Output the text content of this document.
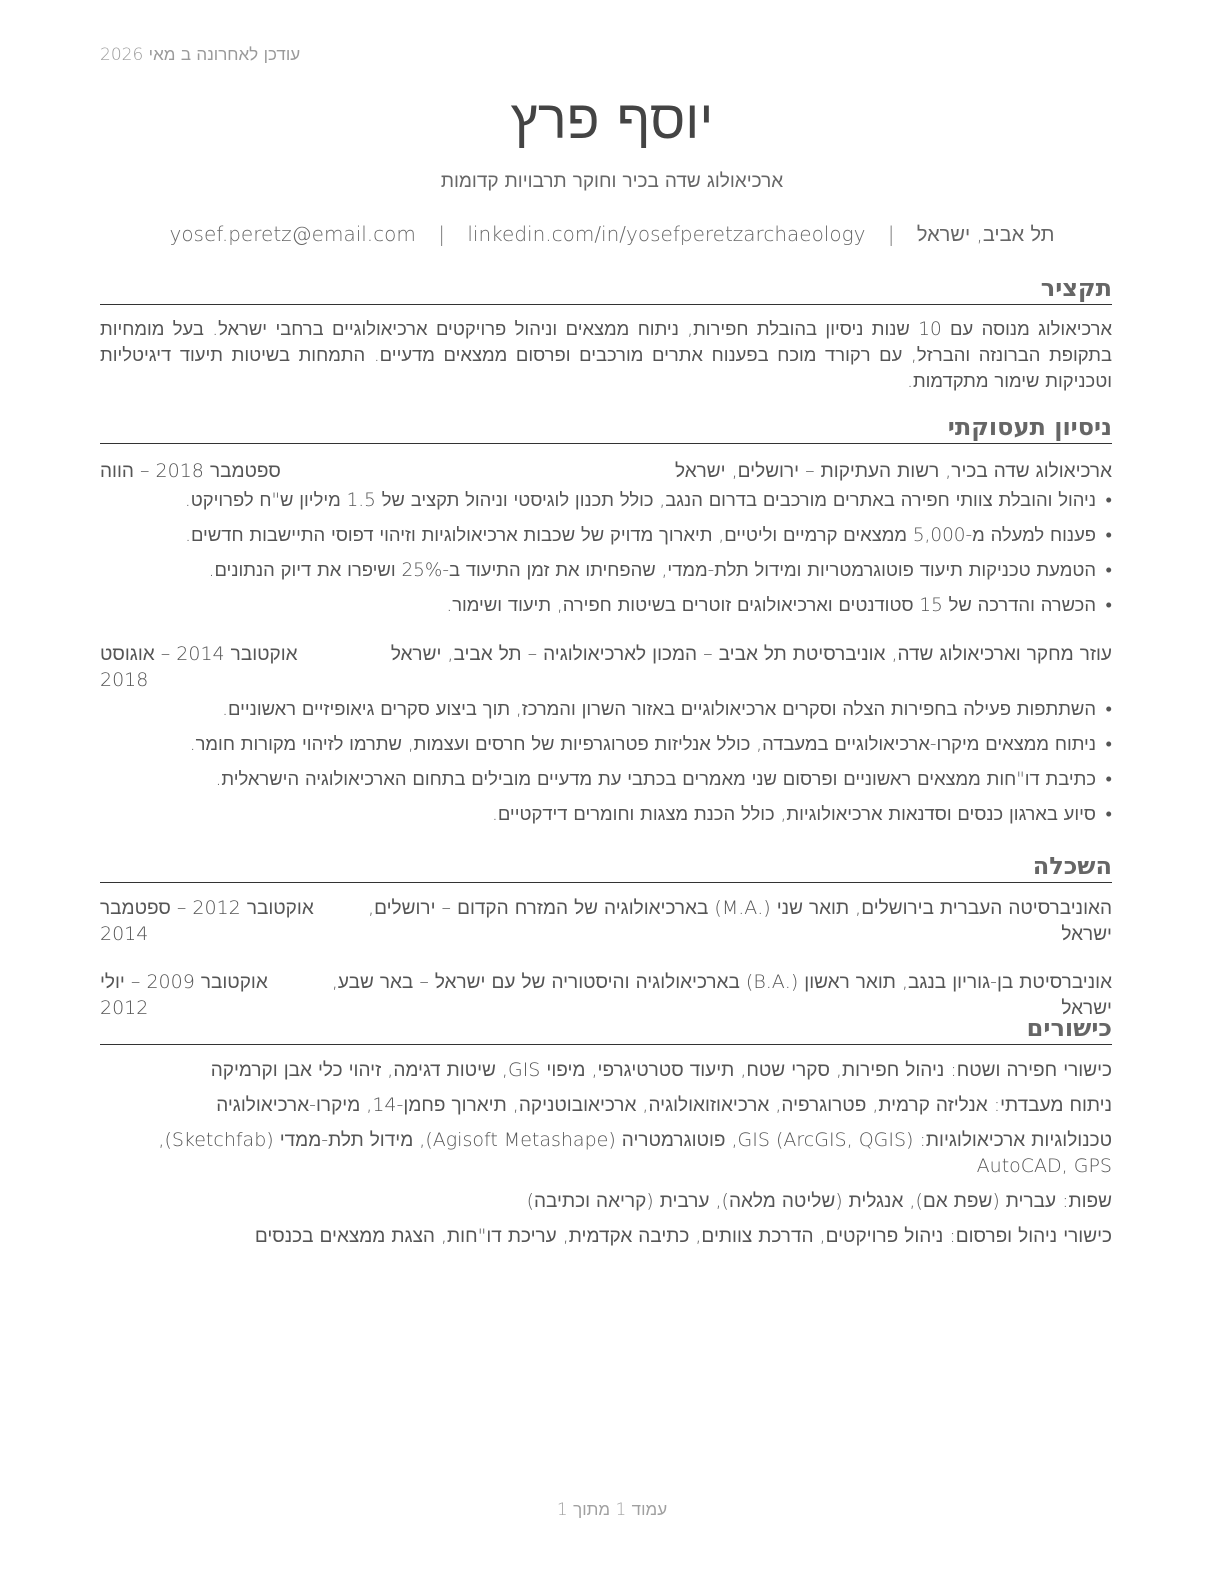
עודכן לאחרונה ב מאי 2026
יוסף פרץ
ארכיאולוג שדה בכיר וחוקר תרבויות קדומות
תל אביב, ישראל | yosef.peretz@email.com | linkedin.com/in/yosefperetzarchaeology
תקציר
ארכיאולוג מנוסה עם 10 שנות ניסיון בהובלת חפירות, ניתוח ממצאים וניהול פרויקטים ארכיאולוגיים ברחבי ישראל. בעל מומחיות בתקופת הברונזה והברזל, עם רקורד מוכח בפענוח אתרים מורכבים ופרסום ממצאים מדעיים. התמחות בשיטות תיעוד דיגיטליות וטכניקות שימור מתקדמות.
ניסיון תעסוקתי
ארכיאולוג שדה בכיר, רשות העתיקות – ירושלים, ישראל
ספטמבר 2018 – הווה
• ניהול והובלת צוותי חפירה באתרים מורכבים בדרום הנגב, כולל תכנון לוגיסטי וניהול תקציב של 1.5 מיליון ש"ח לפרויקט.
• פענוח למעלה מ-5,000 ממצאים קרמיים וליטיים, תיארוך מדויק של שכבות ארכיאולוגיות וזיהוי דפוסי התיישבות חדשים.
• הטמעת טכניקות תיעוד פוטוגרמטריות ומידול תלת-ממדי, שהפחיתו את זמן התיעוד ב-25% ושיפרו את דיוק הנתונים.
• הכשרה והדרכה של 15 סטודנטים וארכיאולוגים זוטרים בשיטות חפירה, תיעוד ושימור.
עוזר מחקר וארכיאולוג שדה, אוניברסיטת תל אביב – המכון לארכיאולוגיה – תל אביב, ישראל
אוקטובר 2014 – אוגוסט 2018
• השתתפות פעילה בחפירות הצלה וסקרים ארכיאולוגיים באזור השרון והמרכז, תוך ביצוע סקרים גיאופיזיים ראשוניים.
• ניתוח ממצאים מיקרו-ארכיאולוגיים במעבדה, כולל אנליזות פטרוגרפיות של חרסים ועצמות, שתרמו לזיהוי מקורות חומר.
• כתיבת דו"חות ממצאים ראשוניים ופרסום שני מאמרים בכתבי עת מדעיים מובילים בתחום הארכיאולוגיה הישראלית.
• סיוע בארגון כנסים וסדנאות ארכיאולוגיות, כולל הכנת מצגות וחומרים דידקטיים.
השכלה
האוניברסיטה העברית בירושלים, תואר שני (.M.A) בארכיאולוגיה של המזרח הקדום – ירושלים, ישראל
אוקטובר 2012 – ספטמבר 2014
אוניברסיטת בן-גוריון בנגב, תואר ראשון (.B.A) בארכיאולוגיה והיסטוריה של עם ישראל – באר שבע, ישראל
אוקטובר 2009 – יולי 2012
כישורים
כישורי חפירה ושטח: ניהול חפירות, סקרי שטח, תיעוד סטרטיגרפי, מיפוי GIS, שיטות דגימה, זיהוי כלי אבן וקרמיקה
ניתוח מעבדתי: אנליזה קרמית, פטרוגרפיה, ארכיאוזואולוגיה, ארכיאובוטניקה, תיארוך פחמן-14, מיקרו-ארכיאולוגיה
טכנולוגיות ארכיאולוגיות: GIS (ArcGIS, QGIS), פוטוגרמטריה (Agisoft Metashape), מידול תלת-ממדי (Sketchfab), AutoCAD, GPS
שפות: עברית (שפת אם), אנגלית (שליטה מלאה), ערבית (קריאה וכתיבה)
כישורי ניהול ופרסום: ניהול פרויקטים, הדרכת צוותים, כתיבה אקדמית, עריכת דו"חות, הצגת ממצאים בכנסים
עמוד 1 מתוך 1
